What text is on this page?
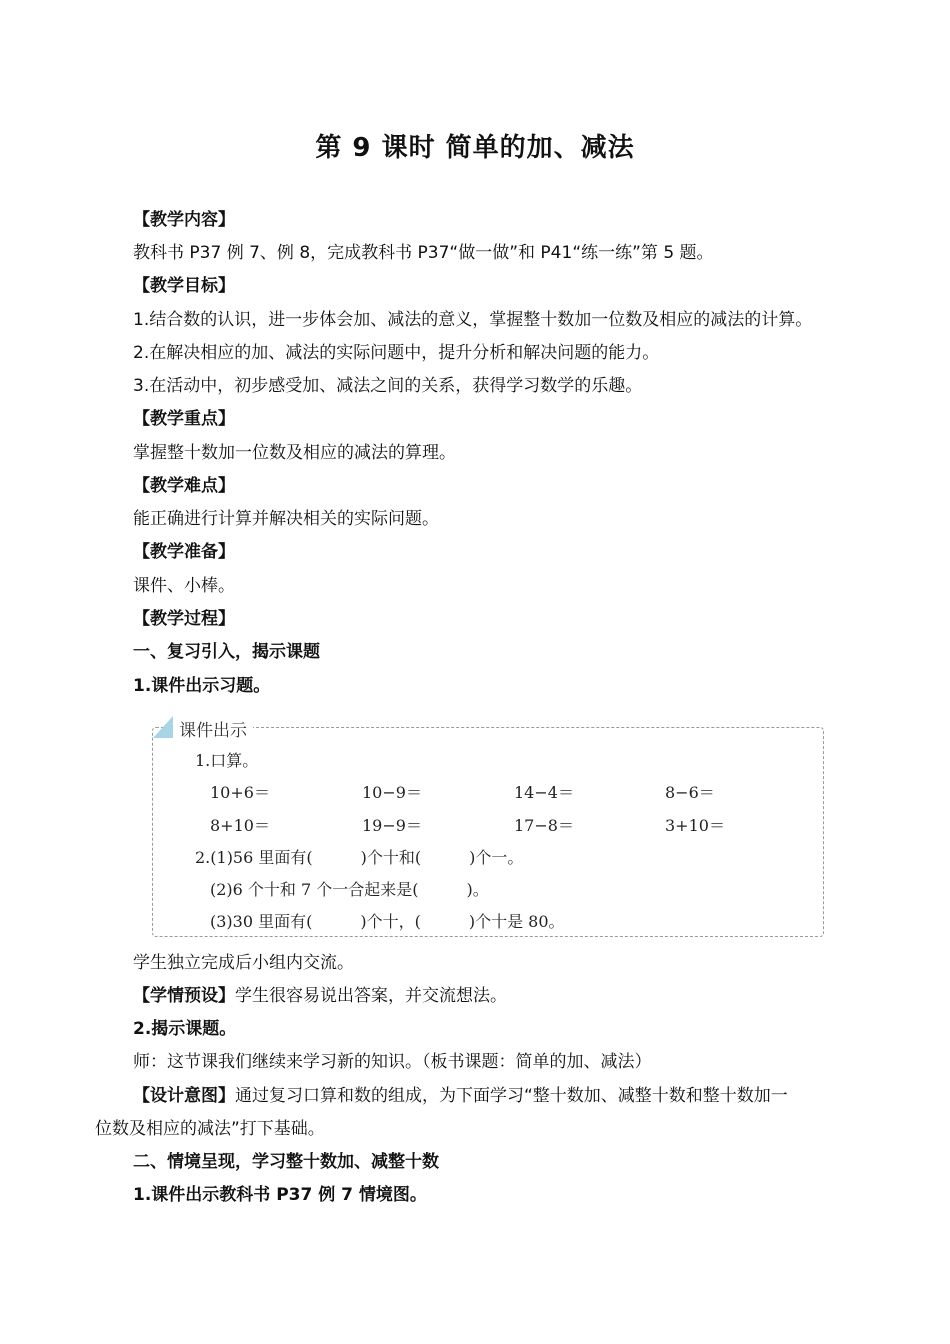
第 9 课时 简单的加、减法
【教学内容】
教科书 P37 例 7、例 8，完成教科书 P37“做一做”和 P41“练一练”第 5 题。
【教学目标】
1.结合数的认识，进一步体会加、减法的意义，掌握整十数加一位数及相应的减法的计算。
2.在解决相应的加、减法的实际问题中，提升分析和解决问题的能力。
3.在活动中，初步感受加、减法之间的关系，获得学习数学的乐趣。
【教学重点】
掌握整十数加一位数及相应的减法的算理。
【教学难点】
能正确进行计算并解决相关的实际问题。
【教学准备】
课件、小棒。
【教学过程】
一、复习引入，揭示课题
1.课件出示习题。
课件出示
1.口算。
10+6＝	10−9＝	14−4＝	8−6＝
8+10＝	19−9＝	17−8＝	3+10＝
2.(1)56 里面有(　　　)个十和(　　　)个一。
(2)6 个十和 7 个一合起来是(　　　)。
(3)30 里面有(　　　)个十，(　　　)个十是 80。
学生独立完成后小组内交流。
【学情预设】学生很容易说出答案，并交流想法。
2.揭示课题。
师：这节课我们继续来学习新的知识。（板书课题：简单的加、减法）
【设计意图】通过复习口算和数的组成，为下面学习“整十数加、减整十数和整十数加一
位数及相应的减法”打下基础。
二、情境呈现，学习整十数加、减整十数
1.课件出示教科书 P37 例 7 情境图。
